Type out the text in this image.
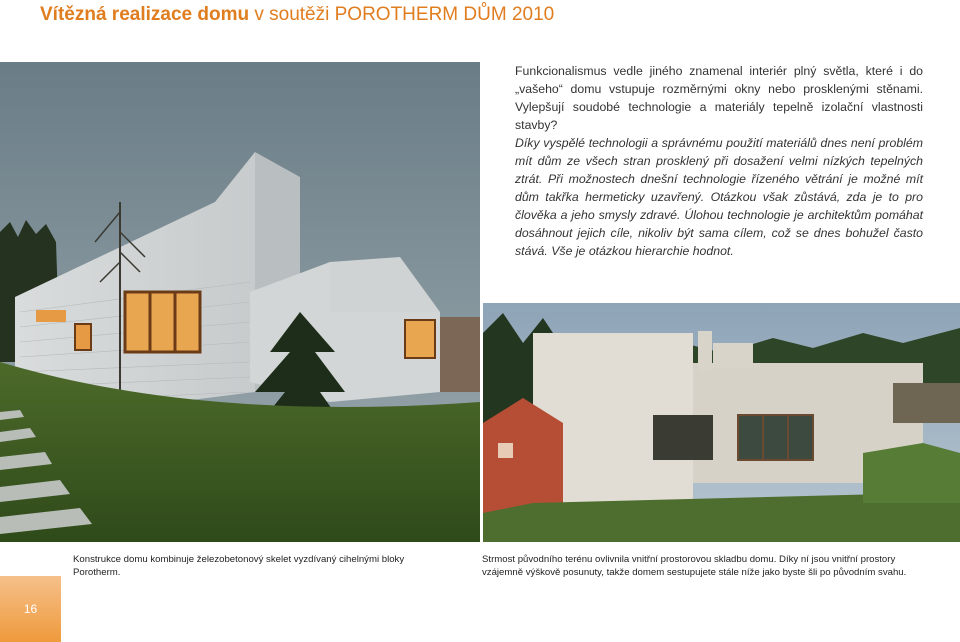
Vítězná realizace domu v soutěži POROTHERM DŮM 2010

Funkcionalismus vedle jiného znamenal interiér plný světla, které i do „vašeho“ domu vstupuje rozměrnými okny nebo prosklenými stěnami. Vylepšují soudobé technologie a materiály tepelně izolační vlastnosti stavby?

Díky vyspělé technologii a správnému použití materiálů dnes není problém mít dům ze všech stran prosklený při dosažení velmi nízkých tepelných ztrát. Při možnostech dnešní technologie řízeného větrání je možné mít dům takřka hermeticky uzavřený. Otázkou však zůstává, zda je to pro člověka a jeho smysly zdravé. Úlohou technologie je architektům pomáhat dosáhnout jejich cíle, nikoliv být sama cílem, což se dnes bohužel často stává. Vše je otázkou hierarchie hodnot.

Konstrukce domu kombinuje železobetonový skelet vyzdívaný cihelnými bloky Porotherm.
Strmost původního terénu ovlivnila vnitřní prostorovou skladbu domu. Díky ní jsou vnitřní prostory vzájemně výškově posunuty, takže domem sestupujete stále níže jako byste šli po původním svahu.
16
